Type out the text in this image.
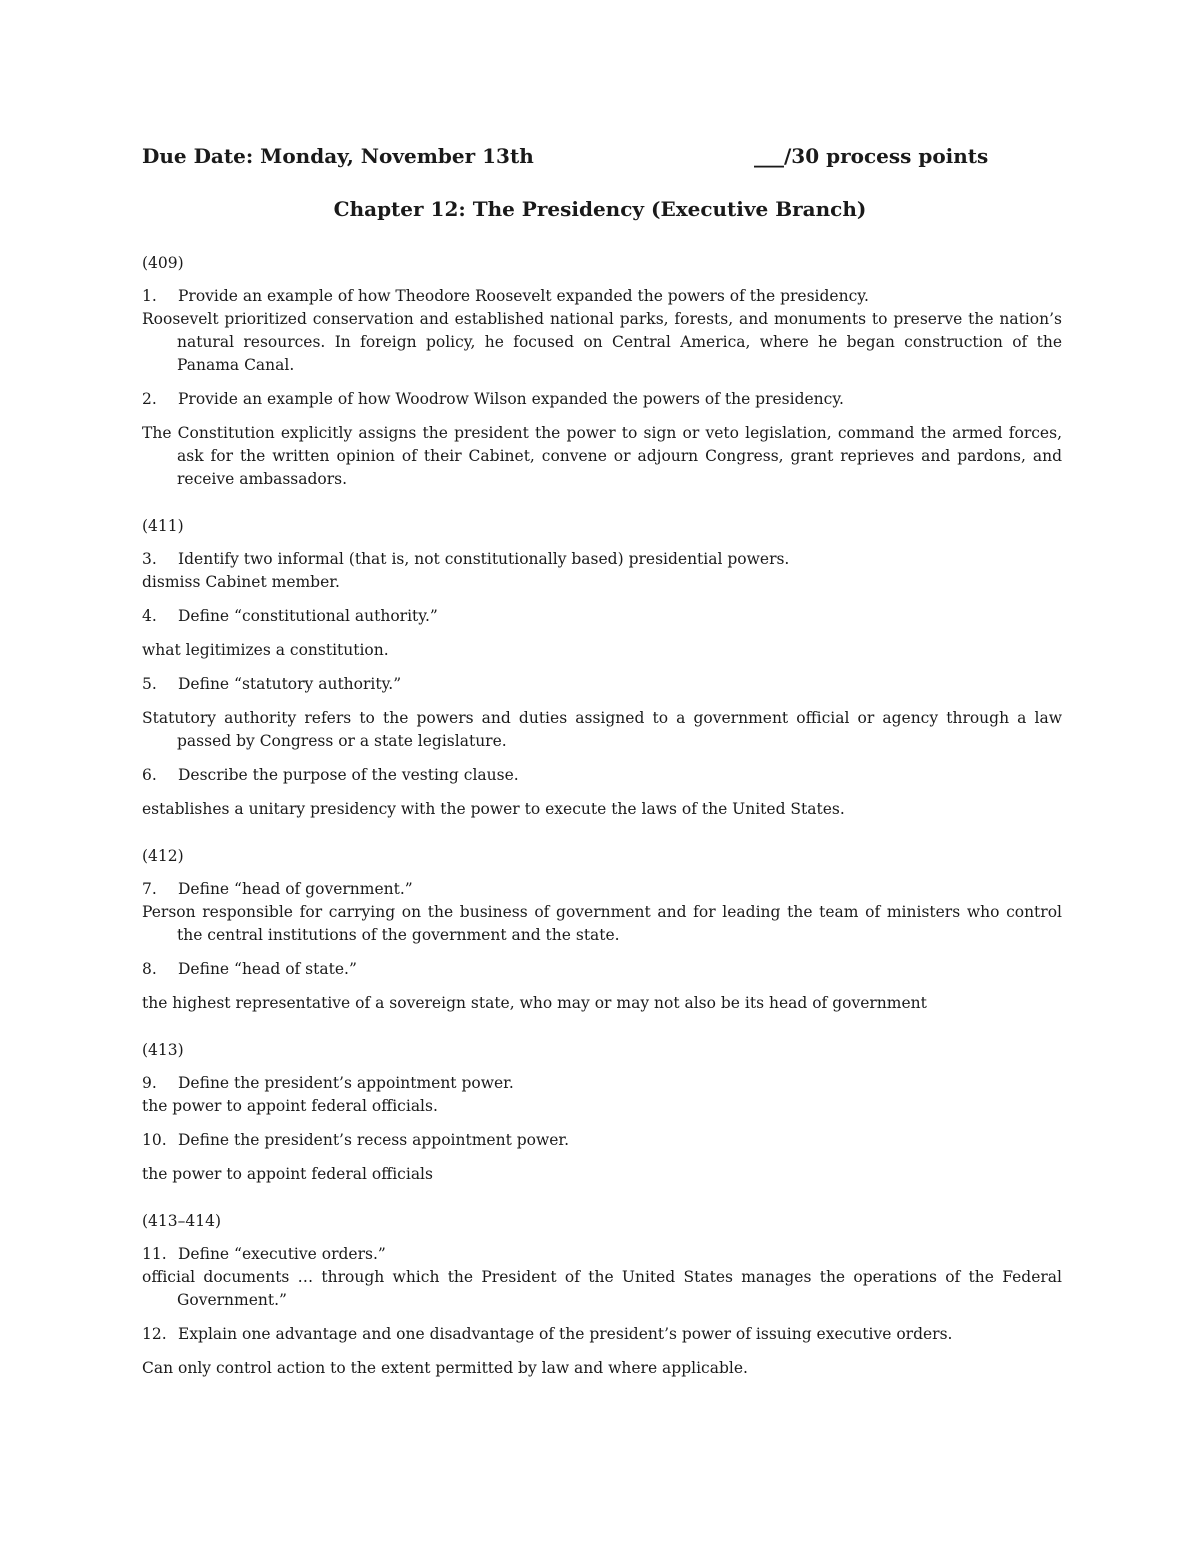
Due Date: Monday, November 13th	___/30 process points
Chapter 12: The Presidency (Executive Branch)
(409)
1. Provide an example of how Theodore Roosevelt expanded the powers of the presidency.
Roosevelt prioritized conservation and established national parks, forests, and monuments to preserve the nation’s natural resources. In foreign policy, he focused on Central America, where he began construction of the Panama Canal.
2. Provide an example of how Woodrow Wilson expanded the powers of the presidency.
The Constitution explicitly assigns the president the power to sign or veto legislation, command the armed forces, ask for the written opinion of their Cabinet, convene or adjourn Congress, grant reprieves and pardons, and receive ambassadors.
(411)
3. Identify two informal (that is, not constitutionally based) presidential powers.
dismiss Cabinet member.
4. Define “constitutional authority.”
what legitimizes a constitution.
5. Define “statutory authority.”
Statutory authority refers to the powers and duties assigned to a government official or agency through a law passed by Congress or a state legislature.
6. Describe the purpose of the vesting clause.
establishes a unitary presidency with the power to execute the laws of the United States.
(412)
7. Define “head of government.”
Person responsible for carrying on the business of government and for leading the team of ministers who control the central institutions of the government and the state.
8. Define “head of state.”
the highest representative of a sovereign state, who may or may not also be its head of government
(413)
9. Define the president’s appointment power.
the power to appoint federal officials.
10. Define the president’s recess appointment power.
the power to appoint federal officials
(413–414)
11. Define “executive orders.”
official documents … through which the President of the United States manages the operations of the Federal Government.”
12. Explain one advantage and one disadvantage of the president’s power of issuing executive orders.
Can only control action to the extent permitted by law and where applicable.
